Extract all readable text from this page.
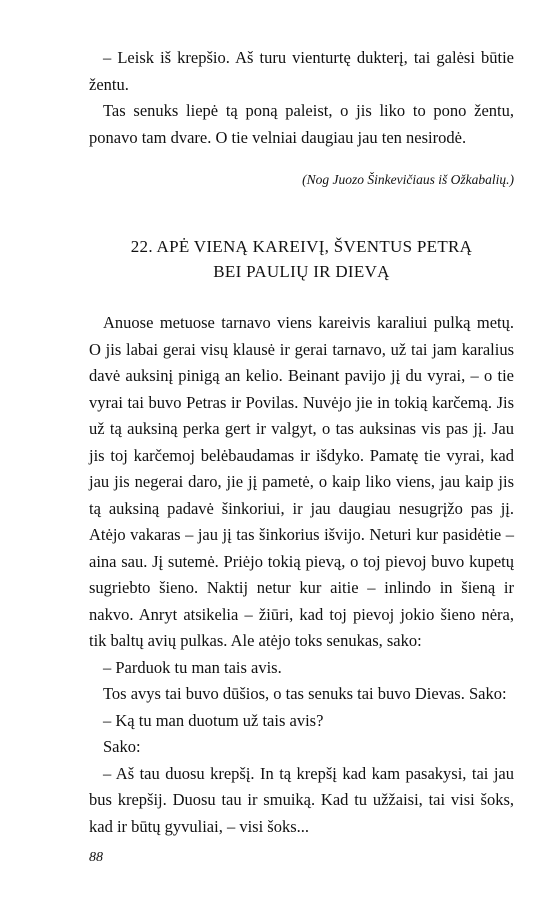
– Leisk iš krepšio. Aš turu vienturtę dukterį, tai galėsi būtie žentu.

Tas senuks liepė tą poną paleist, o jis liko to pono žentu, ponavo tam dvare. O tie velniai daugiau jau ten nesirodė.

(Nog Juozo Šinkevičiaus iš Ožkabalių.)
22. APĖ VIENĄ KAREIVĮ, ŠVENTUS PETRĄ
BEI PAULIŲ IR DIEVĄ

Anuose metuose tarnavo viens kareivis karaliui pulką metų. O jis labai gerai visų klausė ir gerai tarnavo, už tai jam karalius davė auksinį pinigą an kelio. Beinant pavijo jį du vyrai, – o tie vyrai tai buvo Petras ir Povilas. Nuvėjo jie in tokią karčemą. Jis už tą auksiną perka gert ir valgyt, o tas auksinas vis pas jį. Jau jis toj karčemoj belėbaudamas ir išdyko. Pamatę tie vyrai, kad jau jis negerai daro, jie jį pametė, o kaip liko viens, jau kaip jis tą auksiną padavė šinkoriui, ir jau daugiau nesugrįžo pas jį. Atėjo vakaras – jau jį tas šinkorius išvijo. Neturi kur pasidėtie – aina sau. Jį sutemė. Priėjo tokią pievą, o toj pievoj buvo kupetų sugriebto šieno. Naktij netur kur aitie – inlindo in šieną ir nakvo. Anryt atsikelia – žiūri, kad toj pievoj jokio šieno nėra, tik baltų avių pulkas. Ale atėjo toks senukas, sako:

– Parduok tu man tais avis.

Tos avys tai buvo dūšios, o tas senuks tai buvo Dievas. Sako:

– Ką tu man duotum už tais avis?

Sako:

– Aš tau duosu krepšį. In tą krepšį kad kam pasakysi, tai jau bus krepšij. Duosu tau ir smuiką. Kad tu užžaisi, tai visi šoks, kad ir būtų gyvuliai, – visi šoks...

88
